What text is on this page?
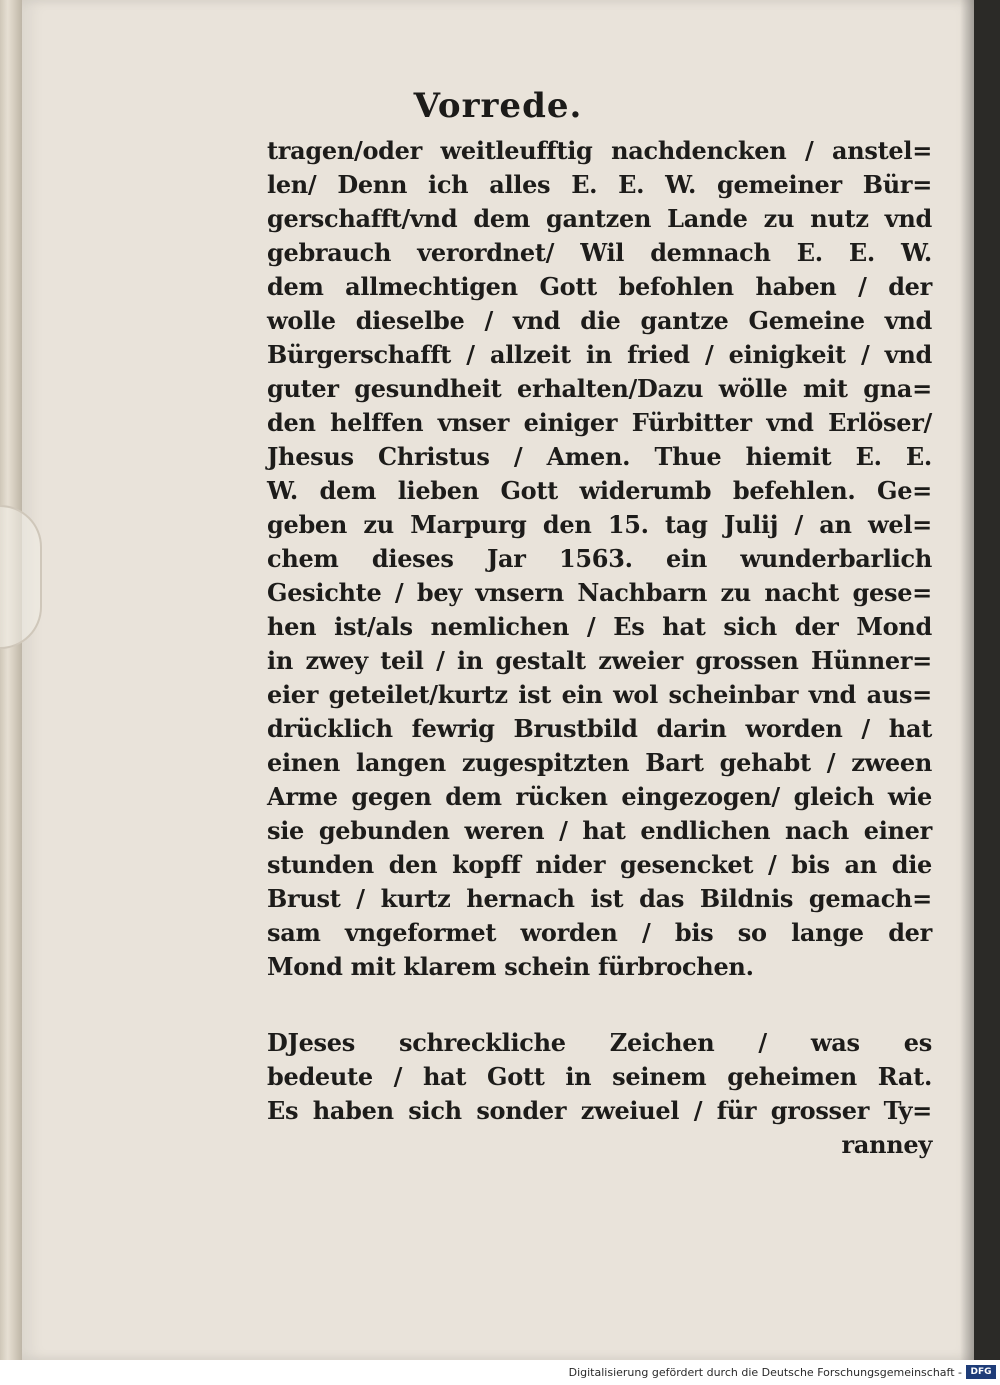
Vorrede.
tragen/oder weitleufftig nachdencken / anstel=
len/ Denn ich alles E. E. W. gemeiner Bür=
gerschafft/vnd dem gantzen Lande zu nutz vnd
gebrauch verordnet/ Wil demnach E. E. W.
dem allmechtigen Gott befohlen haben / der
wolle dieselbe / vnd die gantze Gemeine vnd
Bürgerschafft / allzeit in fried / einigkeit / vnd
guter gesundheit erhalten/Dazu wölle mit gna=
den helffen vnser einiger Fürbitter vnd Erlöser/
Jhesus Christus / Amen. Thue hiemit E. E.
W. dem lieben Gott widerumb befehlen. Ge=
geben zu Marpurg den 15. tag Julij / an wel=
chem dieses Jar 1563. ein wunderbarlich
Gesichte / bey vnsern Nachbarn zu nacht gese=
hen ist/als nemlichen / Es hat sich der Mond
in zwey teil / in gestalt zweier grossen Hünner=
eier geteilet/kurtz ist ein wol scheinbar vnd aus=
drücklich fewrig Brustbild darin worden / hat
einen langen zugespitzten Bart gehabt / zween
Arme gegen dem rücken eingezogen/ gleich wie
sie gebunden weren / hat endlichen nach einer
stunden den kopff nider gesencket / bis an die
Brust / kurtz hernach ist das Bildnis gemach=
sam vngeformet worden / bis so lange der
Mond mit klarem schein fürbrochen.
DJeses schreckliche Zeichen / was es
bedeute / hat Gott in seinem geheimen Rat.
Es haben sich sonder zweiuel / für grosser Ty=
ranney
Digitalisierung gefördert durch die Deutsche Forschungsgemeinschaft - DFG
